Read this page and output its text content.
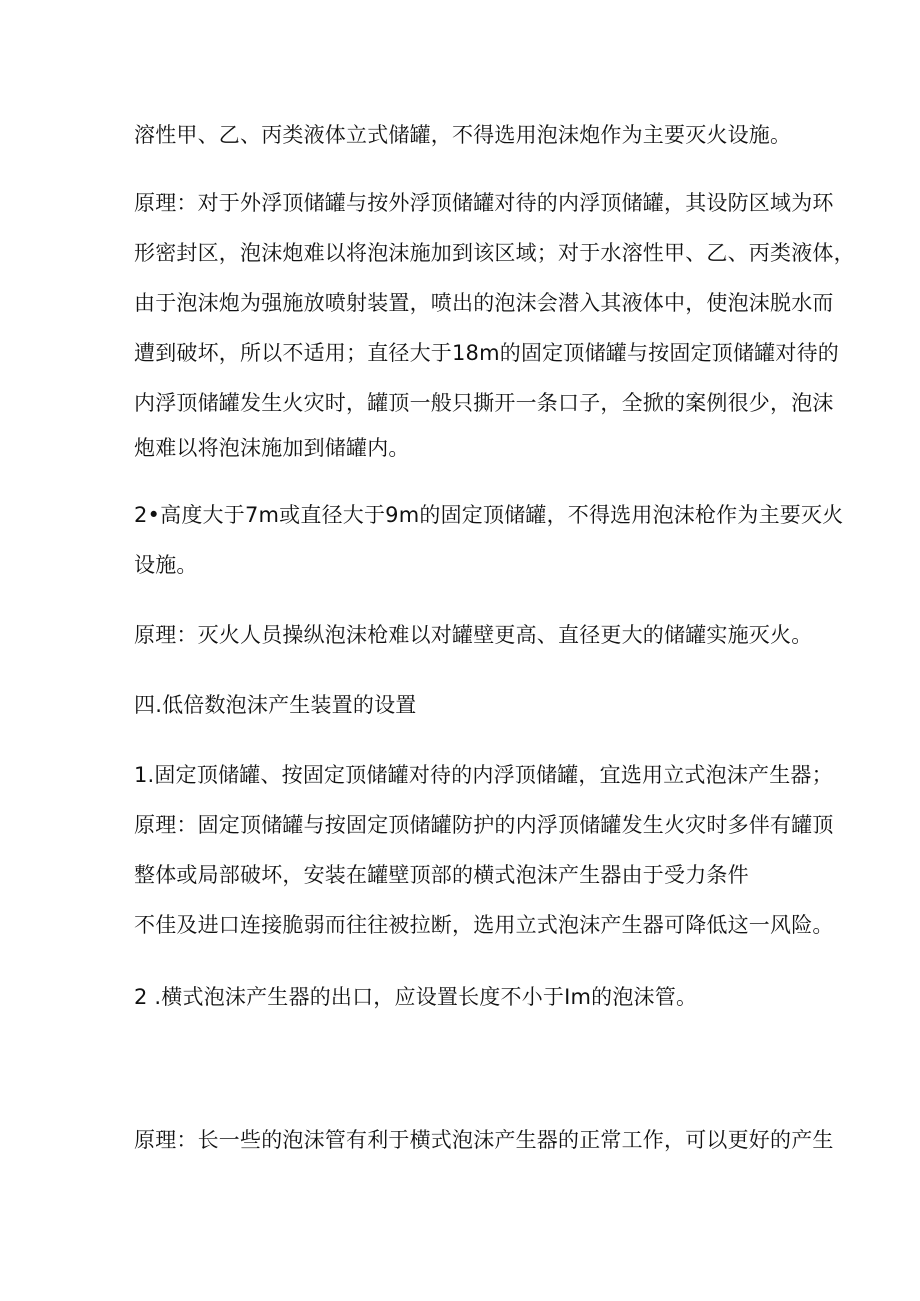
溶性甲、乙、丙类液体立式储罐，不得选用泡沫炮作为主要灭火设施。
原理：对于外浮顶储罐与按外浮顶储罐对待的内浮顶储罐，其设防区域为环
形密封区，泡沫炮难以将泡沫施加到该区域；对于水溶性甲、乙、丙类液体，
由于泡沫炮为强施放喷射装置，喷出的泡沫会潜入其液体中，使泡沫脱水而
遭到破坏，所以不适用；直径大于18m的固定顶储罐与按固定顶储罐对待的
内浮顶储罐发生火灾时，罐顶一般只撕开一条口子，全掀的案例很少，泡沫
炮难以将泡沫施加到储罐内。
2•高度大于7m或直径大于9m的固定顶储罐，不得选用泡沫枪作为主要灭火
设施。
原理：灭火人员操纵泡沫枪难以对罐壁更高、直径更大的储罐实施灭火。
四.低倍数泡沫产生装置的设置
1.固定顶储罐、按固定顶储罐对待的内浮顶储罐，宜选用立式泡沫产生器；
原理：固定顶储罐与按固定顶储罐防护的内浮顶储罐发生火灾时多伴有罐顶
整体或局部破坏，安装在罐壁顶部的横式泡沫产生器由于受力条件
不佳及进口连接脆弱而往往被拉断，选用立式泡沫产生器可降低这一风险。
2 .横式泡沫产生器的出口，应设置长度不小于Im的泡沫管。
原理：长一些的泡沫管有利于横式泡沫产生器的正常工作，可以更好的产生
